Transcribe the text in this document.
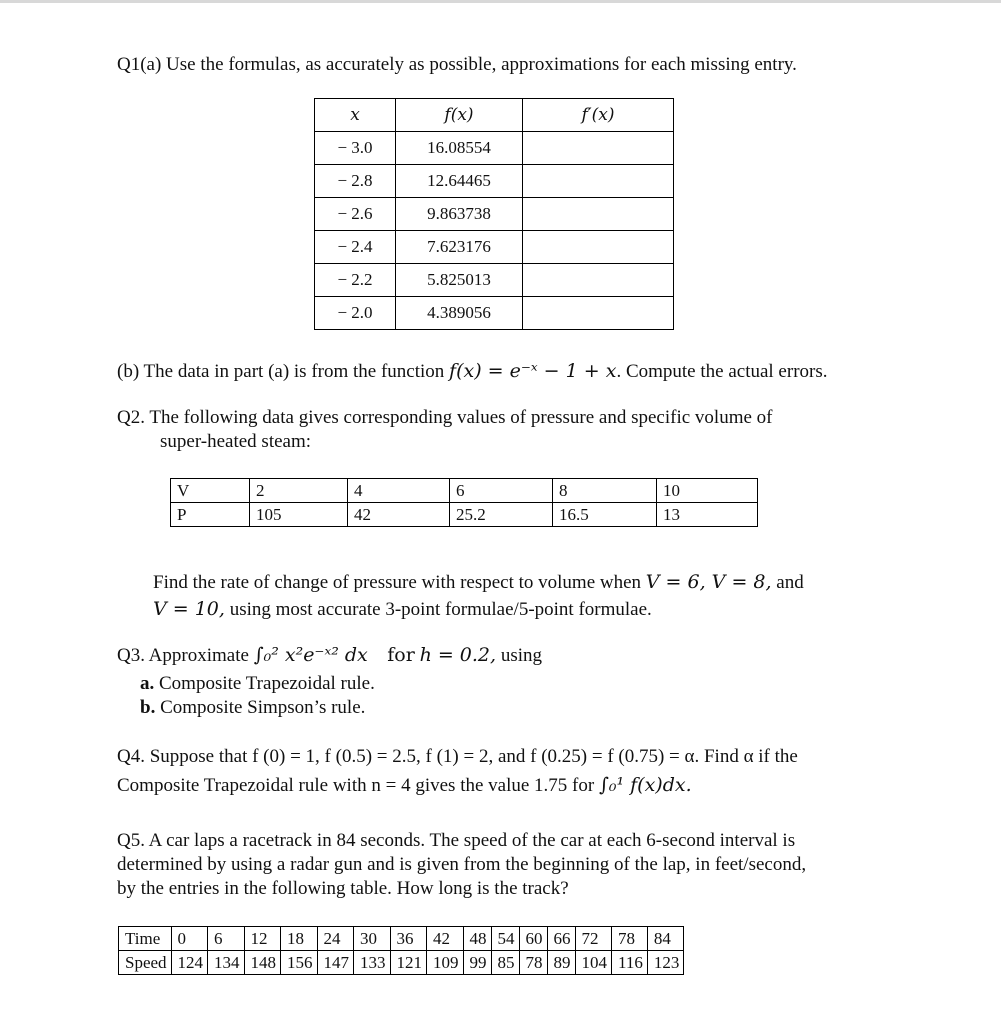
Q1(a) Use the formulas, as accurately as possible, approximations for each missing entry.
x	f(x)	f′(x)
− 3.0	16.08554	
− 2.8	12.64465	
− 2.6	9.863738	
− 2.4	7.623176	
− 2.2	5.825013	
− 2.0	4.389056	
(b) The data in part (a) is from the function f(x) = e⁻ˣ − 1 + x. Compute the actual errors.
Q2. The following data gives corresponding values of pressure and specific volume of
super-heated steam:
V	2	4	6	8	10
P	105	42	25.2	16.5	13
Find the rate of change of pressure with respect to volume when V = 6, V = 8, and
V = 10, using most accurate 3-point formulae/5-point formulae.
Q3. Approximate ∫₀² x²e⁻ˣ² dx for h = 0.2, using
a. Composite Trapezoidal rule.
b. Composite Simpson’s rule.
Q4. Suppose that f (0) = 1, f (0.5) = 2.5, f (1) = 2, and f (0.25) = f (0.75) = α. Find α if the
Composite Trapezoidal rule with n = 4 gives the value 1.75 for ∫₀¹ f(x)dx.
Q5. A car laps a racetrack in 84 seconds. The speed of the car at each 6-second interval is
determined by using a radar gun and is given from the beginning of the lap, in feet/second,
by the entries in the following table. How long is the track?
Time	0	6	12	18	24	30	36	42	48	54	60	66	72	78	84
Speed	124	134	148	156	147	133	121	109	99	85	78	89	104	116	123
